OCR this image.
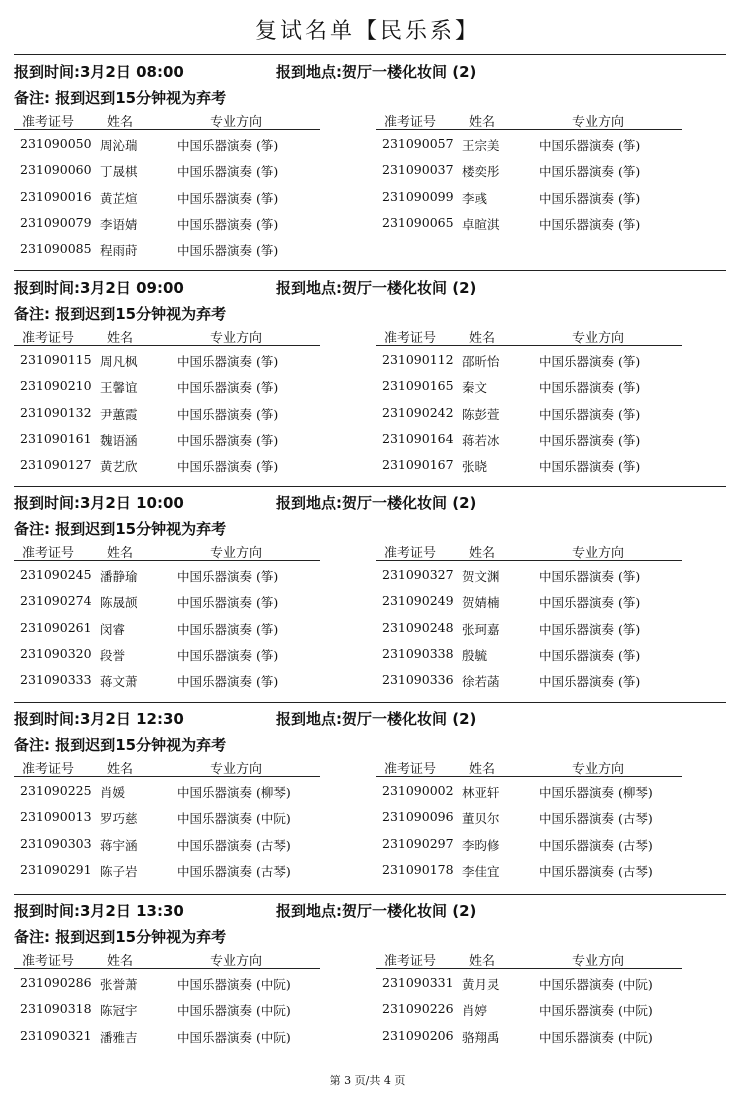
复试名单【民乐系】
报到时间:3月2日 08:00	报到地点:贺厅一楼化妆间 (2)
备注: 报到迟到15分钟视为弃考
准考证号	姓名	专业方向
231090050 周沁瑞	中国乐器演奏 (筝)
231090060 丁晟棋	中国乐器演奏 (筝)
231090016 黄芷煊	中国乐器演奏 (筝)
231090079 李语婧	中国乐器演奏 (筝)
231090085 程雨莳	中国乐器演奏 (筝)
准考证号	姓名	专业方向
231090057 王宗美	中国乐器演奏 (筝)
231090037 楼奕彤	中国乐器演奏 (筝)
231090099 李彧	中国乐器演奏 (筝)
231090065 卓暄淇	中国乐器演奏 (筝)
报到时间:3月2日 09:00	报到地点:贺厅一楼化妆间 (2)
备注: 报到迟到15分钟视为弃考
准考证号	姓名	专业方向
231090115 周凡枫	中国乐器演奏 (筝)
231090210 王馨谊	中国乐器演奏 (筝)
231090132 尹蕙霞	中国乐器演奏 (筝)
231090161 魏语涵	中国乐器演奏 (筝)
231090127 黄艺欣	中国乐器演奏 (筝)
准考证号	姓名	专业方向
231090112 邵昕怡	中国乐器演奏 (筝)
231090165 秦文	中国乐器演奏 (筝)
231090242 陈彭萱	中国乐器演奏 (筝)
231090164 蒋若冰	中国乐器演奏 (筝)
231090167 张晓	中国乐器演奏 (筝)
报到时间:3月2日 10:00	报到地点:贺厅一楼化妆间 (2)
备注: 报到迟到15分钟视为弃考
准考证号	姓名	专业方向
231090245 潘静瑜	中国乐器演奏 (筝)
231090274 陈晟颉	中国乐器演奏 (筝)
231090261 闵睿	中国乐器演奏 (筝)
231090320 段誉	中国乐器演奏 (筝)
231090333 蒋文萧	中国乐器演奏 (筝)
准考证号	姓名	专业方向
231090327 贺文渊	中国乐器演奏 (筝)
231090249 贺婧楠	中国乐器演奏 (筝)
231090248 张珂嘉	中国乐器演奏 (筝)
231090338 殷毓	中国乐器演奏 (筝)
231090336 徐若菡	中国乐器演奏 (筝)
报到时间:3月2日 12:30	报到地点:贺厅一楼化妆间 (2)
备注: 报到迟到15分钟视为弃考
准考证号	姓名	专业方向
231090225 肖媛	中国乐器演奏 (柳琴)
231090013 罗巧慈	中国乐器演奏 (中阮)
231090303 蒋宇涵	中国乐器演奏 (古琴)
231090291 陈子岩	中国乐器演奏 (古琴)
准考证号	姓名	专业方向
231090002 林亚轩	中国乐器演奏 (柳琴)
231090096 董贝尔	中国乐器演奏 (古琴)
231090297 李昀修	中国乐器演奏 (古琴)
231090178 李佳宜	中国乐器演奏 (古琴)
报到时间:3月2日 13:30	报到地点:贺厅一楼化妆间 (2)
备注: 报到迟到15分钟视为弃考
准考证号	姓名	专业方向
231090286 张誉萧	中国乐器演奏 (中阮)
231090318 陈冠宇	中国乐器演奏 (中阮)
231090321 潘雅吉	中国乐器演奏 (中阮)
准考证号	姓名	专业方向
231090331 黄月灵	中国乐器演奏 (中阮)
231090226 肖婷	中国乐器演奏 (中阮)
231090206 骆翔禹	中国乐器演奏 (中阮)
第 3 页/共 4 页
